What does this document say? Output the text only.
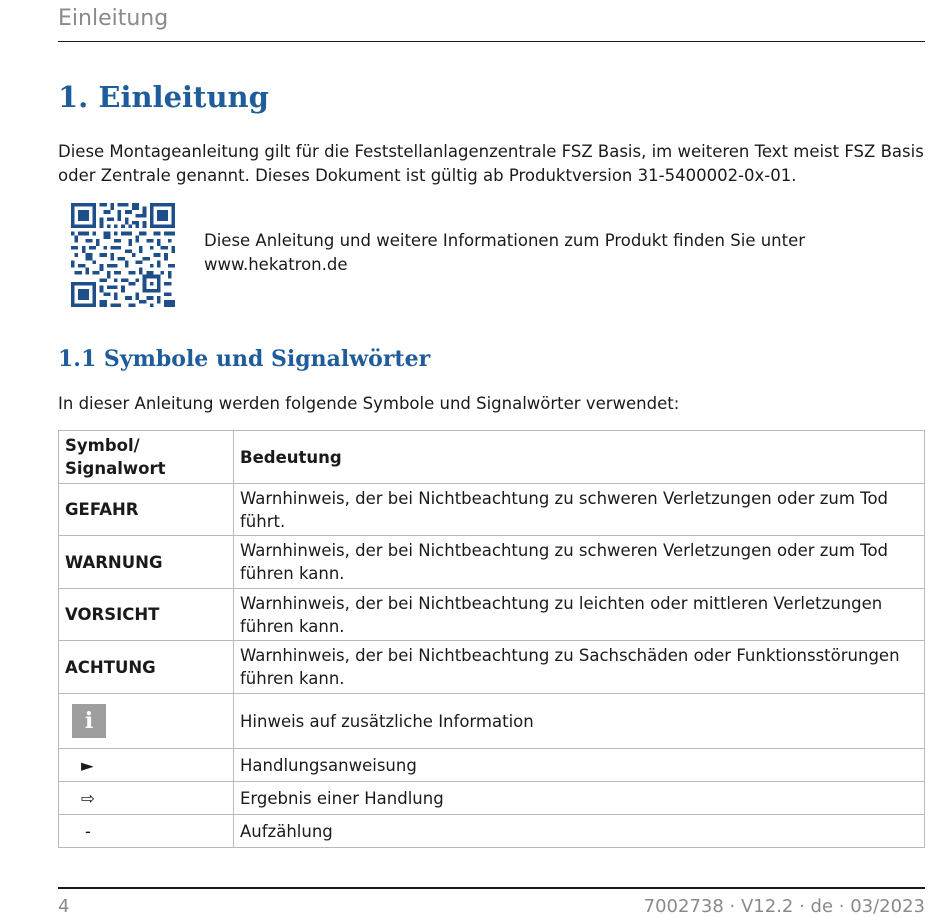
Einleitung
1. Einleitung

Diese Montageanleitung gilt für die Feststellanlagenzentrale FSZ Basis, im weiteren Text meist FSZ Basis
oder Zentrale genannt. Dieses Dokument ist gültig ab Produktversion 31-5400002-0x-01.

Diese Anleitung und weitere Informationen zum Produkt finden Sie unter
www.hekatron.de

1.1 Symbole und Signalwörter

In dieser Anleitung werden folgende Symbole und Signalwörter verwendet:

Symbol/
Signalwort	Bedeutung
GEFAHR	Warnhinweis, der bei Nichtbeachtung zu schweren Verletzungen oder zum Tod
führt.
WARNUNG	Warnhinweis, der bei Nichtbeachtung zu schweren Verletzungen oder zum Tod
führen kann.
VORSICHT	Warnhinweis, der bei Nichtbeachtung zu leichten oder mittleren Verletzungen
führen kann.
ACHTUNG	Warnhinweis, der bei Nichtbeachtung zu Sachschäden oder Funktionsstörungen
führen kann.
i	Hinweis auf zusätzliche Information
►	Handlungsanweisung
⇨	Ergebnis einer Handlung
-	Aufzählung
4	7002738 · V12.2 · de · 03/2023
